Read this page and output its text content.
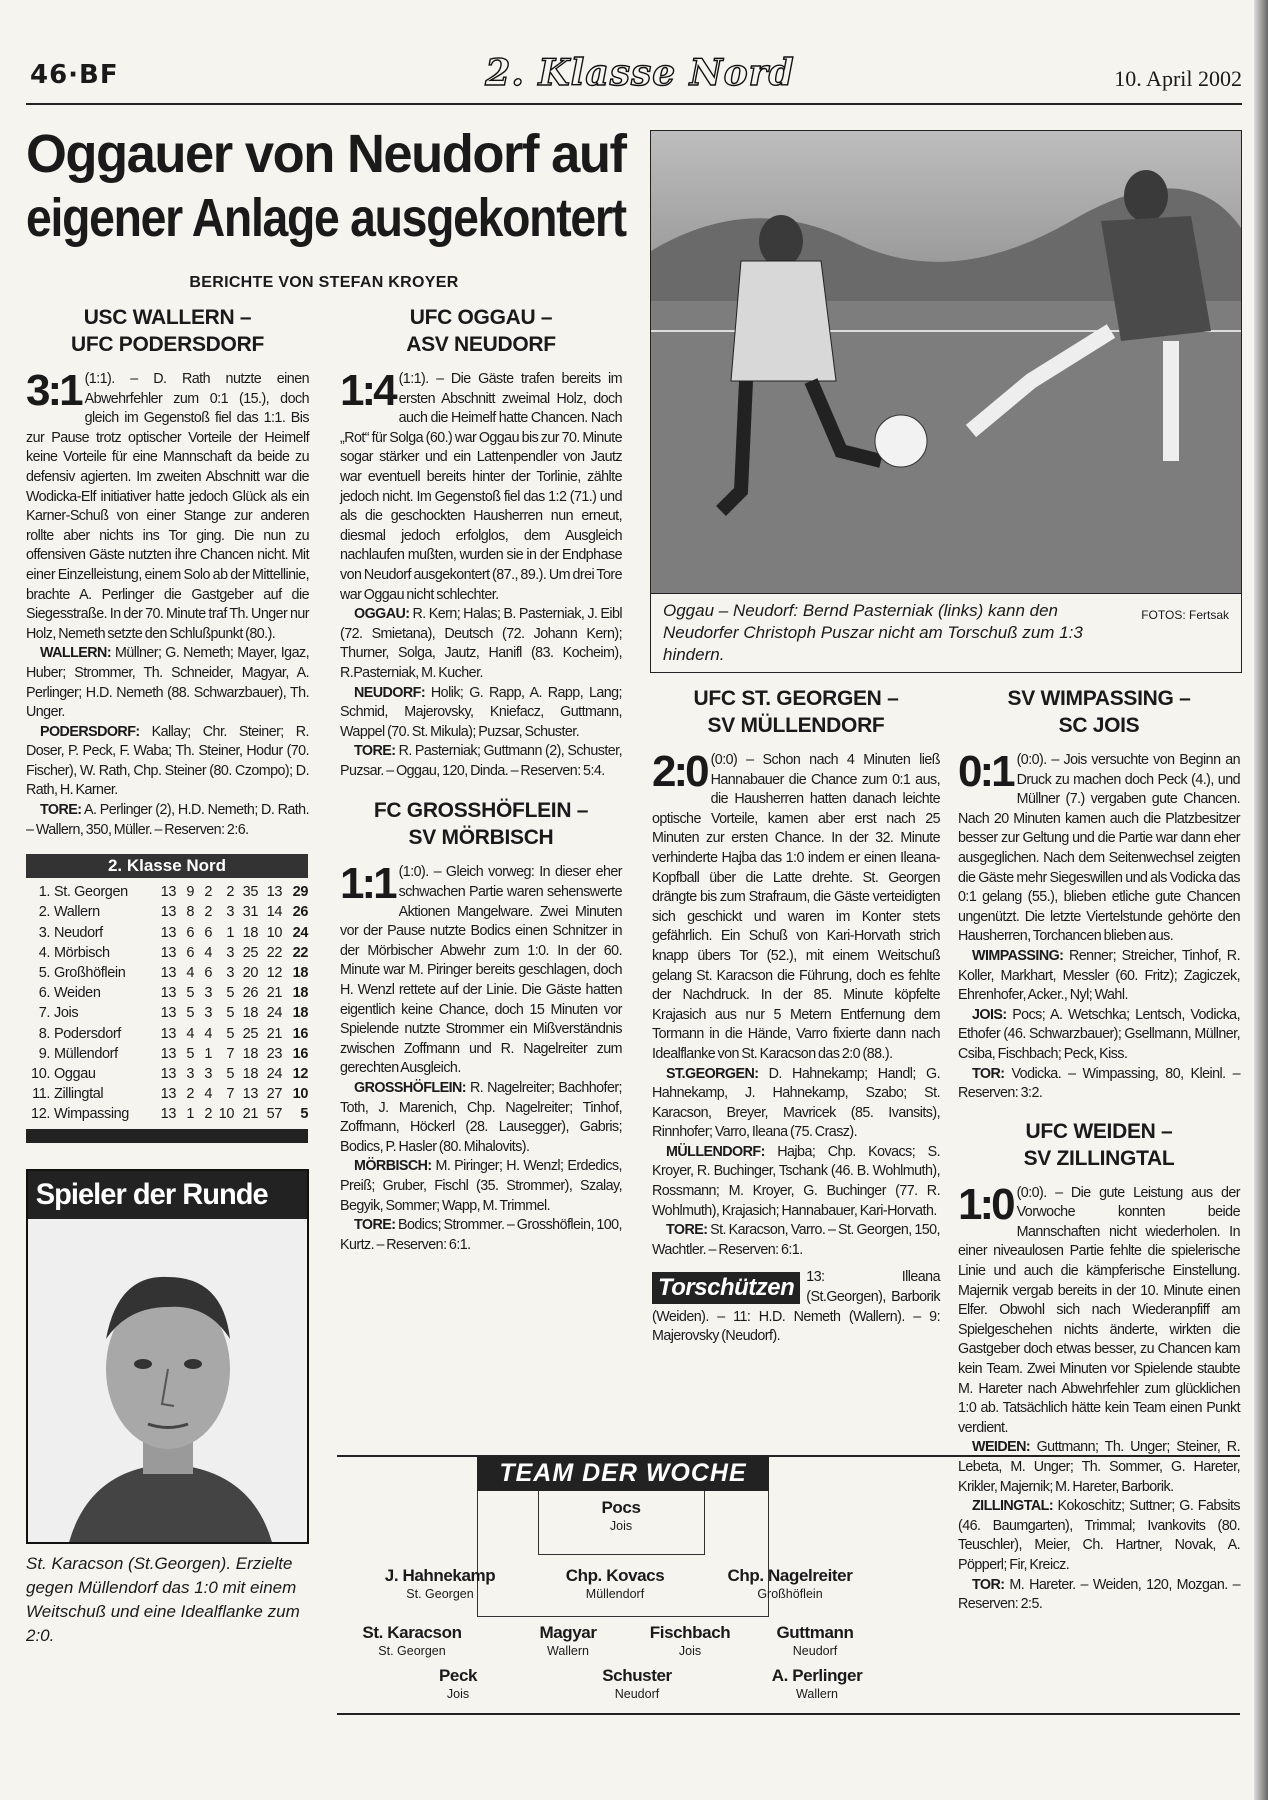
46·BF	2. Klasse Nord	10. April 2002
Oggauer von Neudorf auf
eigener Anlage ausgekontert
BERICHTE VON STEFAN KROYER
USC WALLERN –
UFC PODERSDORF

3:1 (1:1). – D. Rath nutzte einen Abwehrfehler zum 0:1 (15.), doch gleich im Gegenstoß fiel das 1:1. Bis zur Pause trotz optischer Vorteile der Heimelf keine Vorteile für eine Mannschaft da beide zu defensiv agierten. Im zweiten Abschnitt war die Wodicka-Elf initiativer hatte jedoch Glück als ein Karner-Schuß von einer Stange zur anderen rollte aber nichts ins Tor ging. Die nun zu offensiven Gäste nutzten ihre Chancen nicht. Mit einer Einzelleistung, einem Solo ab der Mittellinie, brachte A. Perlinger die Gastgeber auf die Siegesstraße. In der 70. Minute traf Th. Unger nur Holz, Nemeth setzte den Schlußpunkt (80.).

WALLERN: Müllner; G. Nemeth; Mayer, Igaz, Huber; Strommer, Th. Schneider, Magyar, A. Perlinger; H.D. Nemeth (88. Schwarzbauer), Th. Unger.

PODERSDORF: Kallay; Chr. Steiner; R. Doser, P. Peck, F. Waba; Th. Steiner, Hodur (70. Fischer), W. Rath, Chp. Steiner (80. Czompo); D. Rath, H. Karner.

TORE: A. Perlinger (2), H.D. Nemeth; D. Rath. – Wallern, 350, Müller. – Reserven: 2:6.

2. Klasse Nord
1.	St. Georgen	13	9	2	2	35	13	29
2.	Wallern	13	8	2	3	31	14	26
3.	Neudorf	13	6	6	1	18	10	24
4.	Mörbisch	13	6	4	3	25	22	22
5.	Großhöflein	13	4	6	3	20	12	18
6.	Weiden	13	5	3	5	26	21	18
7.	Jois	13	5	3	5	18	24	18
8.	Podersdorf	13	4	4	5	25	21	16
9.	Müllendorf	13	5	1	7	18	23	16
10.	Oggau	13	3	3	5	18	24	12
11.	Zillingtal	13	2	4	7	13	27	10
12.	Wimpassing	13	1	2	10	21	57	5
Spieler der Runde
St. Karacson (St.Georgen). Erzielte gegen Müllendorf das 1:0 mit einem Weitschuß und eine Idealflanke zum 2:0.
UFC OGGAU –
ASV NEUDORF

1:4 (1:1). – Die Gäste trafen bereits im ersten Abschnitt zweimal Holz, doch auch die Heimelf hatte Chancen. Nach „Rot“ für Solga (60.) war Oggau bis zur 70. Minute sogar stärker und ein Lattenpendler von Jautz war eventuell bereits hinter der Torlinie, zählte jedoch nicht. Im Gegenstoß fiel das 1:2 (71.) und als die geschockten Hausherren nun erneut, diesmal jedoch erfolglos, dem Ausgleich nachlaufen mußten, wurden sie in der Endphase von Neudorf ausgekontert (87., 89.). Um drei Tore war Oggau nicht schlechter.

OGGAU: R. Kern; Halas; B. Pasterniak, J. Eibl (72. Smietana), Deutsch (72. Johann Kern); Thurner, Solga, Jautz, Hanifl (83. Kocheim), R.Pasterniak, M. Kucher.

NEUDORF: Holik; G. Rapp, A. Rapp, Lang; Schmid, Majerovsky, Kniefacz, Guttmann, Wappel (70. St. Mikula); Puzsar, Schuster.

TORE: R. Pasterniak; Guttmann (2), Schuster, Puzsar. – Oggau, 120, Dinda. – Reserven: 5:4.

FC GROSSHÖFLEIN –
SV MÖRBISCH

1:1 (1:0). – Gleich vorweg: In dieser eher schwachen Partie waren sehenswerte Aktionen Mangelware. Zwei Minuten vor der Pause nutzte Bodics einen Schnitzer in der Mörbischer Abwehr zum 1:0. In der 60. Minute war M. Piringer bereits geschlagen, doch H. Wenzl rettete auf der Linie. Die Gäste hatten eigentlich keine Chance, doch 15 Minuten vor Spielende nutzte Strommer ein Mißverständnis zwischen Zoffmann und R. Nagelreiter zum gerechten Ausgleich.

GROSSHÖFLEIN: R. Nagelreiter; Bachhofer; Toth, J. Marenich, Chp. Nagelreiter; Tinhof, Zoffmann, Höckerl (28. Lausegger), Gabris; Bodics, P. Hasler (80. Mihalovits).

MÖRBISCH: M. Piringer; H. Wenzl; Erdedics, Preiß; Gruber, Fischl (35. Strommer), Szalay, Begyik, Sommer; Wapp, M. Trimmel.

TORE: Bodics; Strommer. – Grosshöflein, 100, Kurtz. – Reserven: 6:1.

FOTOS: Fertsak
Oggau – Neudorf: Bernd Pasterniak (links) kann den Neudorfer Christoph Puszar nicht am Torschuß zum 1:3 hindern.
UFC ST. GEORGEN –
SV MÜLLENDORF

2:0 (0:0) – Schon nach 4 Minuten ließ Hannabauer die Chance zum 0:1 aus, die Hausherren hatten danach leichte optische Vorteile, kamen aber erst nach 25 Minuten zur ersten Chance. In der 32. Minute verhinderte Hajba das 1:0 indem er einen Ileana-Kopfball über die Latte drehte. St. Georgen drängte bis zum Strafraum, die Gäste verteidigten sich geschickt und waren im Konter stets gefährlich. Ein Schuß von Kari-Horvath strich knapp übers Tor (52.), mit einem Weitschuß gelang St. Karacson die Führung, doch es fehlte der Nachdruck. In der 85. Minute köpfelte Krajasich aus nur 5 Metern Entfernung dem Tormann in die Hände, Varro fixierte dann nach Idealflanke von St. Karacson das 2:0 (88.).

ST.GEORGEN: D. Hahnekamp; Handl; G. Hahnekamp, J. Hahnekamp, Szabo; St. Karacson, Breyer, Mavricek (85. Ivansits), Rinnhofer; Varro, Ileana (75. Crasz).

MÜLLENDORF: Hajba; Chp. Kovacs; S. Kroyer, R. Buchinger, Tschank (46. B. Wohlmuth), Rossmann; M. Kroyer, G. Buchinger (77. R. Wohlmuth), Krajasich; Hannabauer, Kari-Horvath.

TORE: St. Karacson, Varro. – St. Georgen, 150, Wachtler. – Reserven: 6:1.

Torschützen 13: Illeana (St.Georgen), Barborik (Weiden). – 11: H.D. Nemeth (Wallern). – 9: Majerovsky (Neudorf).

SV WIMPASSING –
SC JOIS

0:1 (0:0). – Jois versuchte von Beginn an Druck zu machen doch Peck (4.), und Müllner (7.) vergaben gute Chancen. Nach 20 Minuten kamen auch die Platzbesitzer besser zur Geltung und die Partie war dann eher ausgeglichen. Nach dem Seitenwechsel zeigten die Gäste mehr Siegeswillen und als Vodicka das 0:1 gelang (55.), blieben etliche gute Chancen ungenützt. Die letzte Viertelstunde gehörte den Hausherren, Torchancen blieben aus.

WIMPASSING: Renner; Streicher, Tinhof, R. Koller, Markhart, Messler (60. Fritz); Zagiczek, Ehrenhofer, Acker., Nyl; Wahl.

JOIS: Pocs; A. Wetschka; Lentsch, Vodicka, Ethofer (46. Schwarzbauer); Gsellmann, Müllner, Csiba, Fischbach; Peck, Kiss.

TOR: Vodicka. – Wimpassing, 80, Kleinl. – Reserven: 3:2.

UFC WEIDEN –
SV ZILLINGTAL

1:0 (0:0). – Die gute Leistung aus der Vorwoche konnten beide Mannschaften nicht wiederholen. In einer niveaulosen Partie fehlte die spielerische Linie und auch die kämpferische Einstellung. Majernik vergab bereits in der 10. Minute einen Elfer. Obwohl sich nach Wiederanpfiff am Spielgeschehen nichts änderte, wirkten die Gastgeber doch etwas besser, zu Chancen kam kein Team. Zwei Minuten vor Spielende staubte M. Hareter nach Abwehrfehler zum glücklichen 1:0 ab. Tatsächlich hätte kein Team einen Punkt verdient.

WEIDEN: Guttmann; Th. Unger; Steiner, R. Lebeta, M. Unger; Th. Sommer, G. Hareter, Krikler, Majernik; M. Hareter, Barborik.

ZILLINGTAL: Kokoschitz; Suttner; G. Fabsits (46. Baumgarten), Trimmal; Ivankovits (80. Teuschler), Meier, Ch. Hartner, Novak, A. Pöpperl; Fir, Kreicz.

TOR: M. Hareter. – Weiden, 120, Mozgan. – Reserven: 2:5.

TEAM DER WOCHE
Pocs
Jois
J. Hahnekamp
St. Georgen
Chp. Kovacs
Müllendorf
Chp. Nagelreiter
Großhöflein
St. Karacson
St. Georgen
Magyar
Wallern
Fischbach
Jois
Guttmann
Neudorf
Peck
Jois
Schuster
Neudorf
A. Perlinger
Wallern
